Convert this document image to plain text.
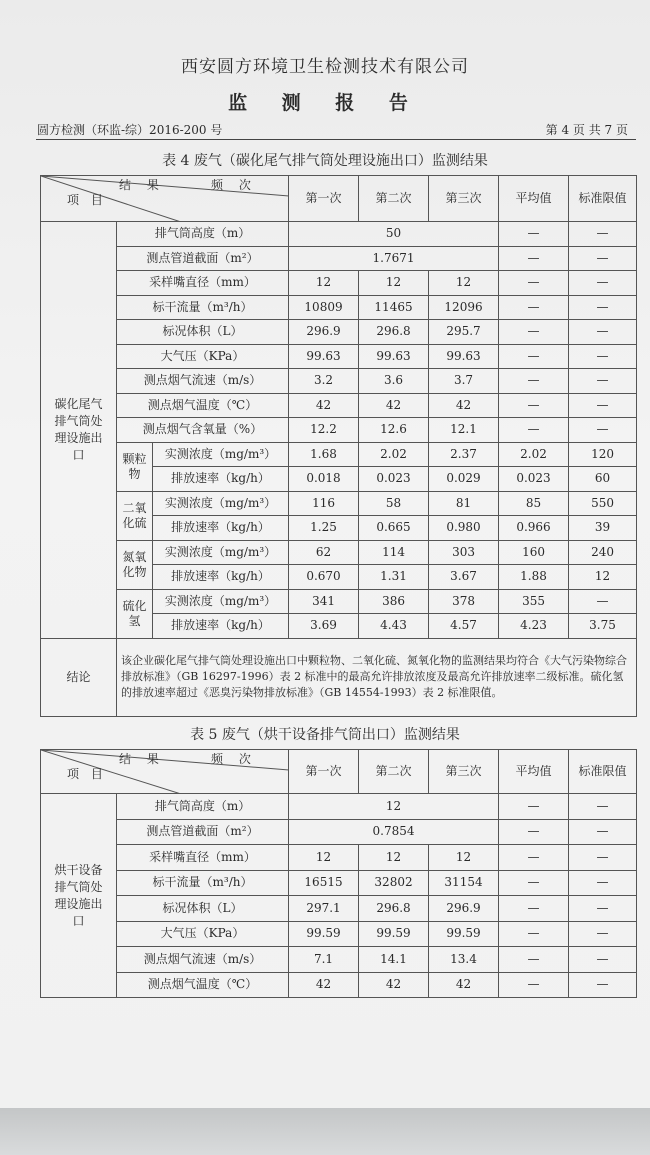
西安圆方环境卫生检测技术有限公司
监 测 报 告
圆方检测（环监-综）2016-200 号	第 4 页 共 7 页
表 4 废气（碳化尾气排气筒处理设施出口）监测结果
结 果 频 次
项 目			第一次	第二次	第三次	平均值	标准限值

碳化尾气排气筒处理设施出口	排气筒高度（m）		50			—	—
	测点管道截面（m²）		1.7671			—	—
	采样嘴直径（mm）		12	12	12	—	—
	标干流量（m³/h）		10809	11465	12096	—	—
	标况体积（L）		296.9	296.8	295.7	—	—
	大气压（KPa）		99.63	99.63	99.63	—	—
	测点烟气流速（m/s）		3.2	3.6	3.7	—	—
	测点烟气温度（℃）		42	42	42	—	—
	测点烟气含氧量（%）		12.2	12.6	12.1	—	—

	颗粒物	实测浓度（mg/m³）	1.68	2.02	2.37	2.02	120
		排放速率（kg/h）	0.018	0.023	0.029	0.023	60

	二氧化硫	实测浓度（mg/m³）	116	58	81	85	550
		排放速率（kg/h）	1.25	0.665	0.980	0.966	39

	氮氧化物	实测浓度（mg/m³）	62	114	303	160	240
		排放速率（kg/h）	0.670	1.31	3.67	1.88	12

	硫化氢	实测浓度（mg/m³）	341	386	378	355	—
		排放速率（kg/h）	3.69	4.43	4.57	4.23	3.75
结论	该企业碳化尾气排气筒处理设施出口中颗粒物、二氧化硫、氮氧化物的监测结果均符合《大气污染物综合排放标准》（GB 16297-1996）表 2 标准中的最高允许排放浓度及最高允许排放速率二级标准。硫化氢的排放速率超过《恶臭污染物排放标准》（GB 14554-1993）表 2 标准限值。						
表 5 废气（烘干设备排气筒出口）监测结果
结 果 频 次
项 目		第一次	第二次	第三次	平均值	标准限值

烘干设备排气筒处理设施出口	排气筒高度（m）	12			—	—
	测点管道截面（m²）	0.7854			—	—
	采样嘴直径（mm）	12	12	12	—	—
	标干流量（m³/h）	16515	32802	31154	—	—
	标况体积（L）	297.1	296.8	296.9	—	—
	大气压（KPa）	99.59	99.59	99.59	—	—
	测点烟气流速（m/s）	7.1	14.1	13.4	—	—
	测点烟气温度（℃）	42	42	42	—	—
